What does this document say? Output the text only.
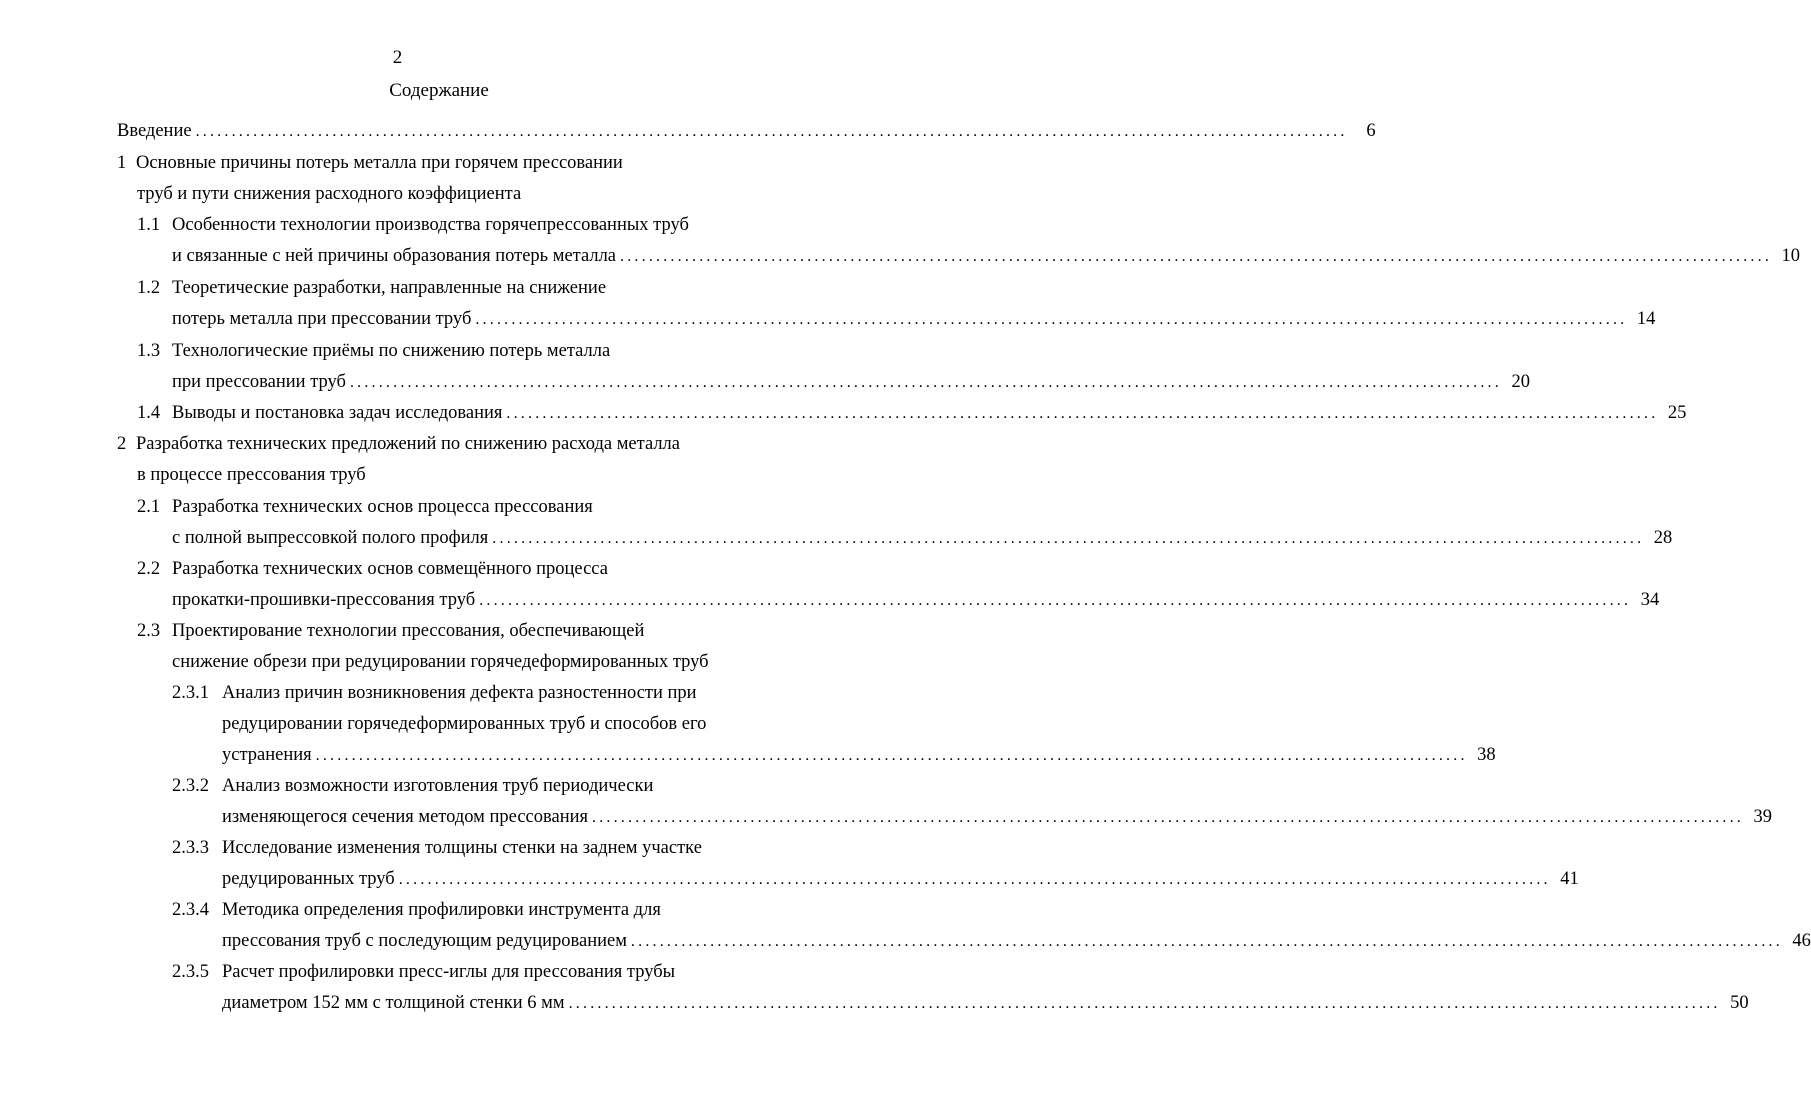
2
Содержание
Введение ................................................................................................................................................................	6
1 Основные причины потерь металла при горячем прессовании
труб и пути снижения расходного коэффициента
1.1 Особенности технологии производства горячепрессованных труб
и связанные с ней причины образования потерь металла ................................................................................................................................................................ 10
1.2 Теоретические разработки, направленные на снижение
потерь металла при прессовании труб ................................................................................................................................................................ 14
1.3 Технологические приёмы по снижению потерь металла
при прессовании труб ................................................................................................................................................................ 20
1.4 Выводы и постановка задач исследования ................................................................................................................................................................ 25
2 Разработка технических предложений по снижению расхода металла
в процессе прессования труб
2.1 Разработка технических основ процесса прессования
с полной выпрессовкой полого профиля ................................................................................................................................................................ 28
2.2 Разработка технических основ совмещённого процесса
прокатки-прошивки-прессования труб ................................................................................................................................................................ 34
2.3 Проектирование технологии прессования, обеспечивающей
снижение обрези при редуцировании горячедеформированных труб
2.3.1 Анализ причин возникновения дефекта разностенности при
редуцировании горячедеформированных труб и способов его
устранения ................................................................................................................................................................ 38
2.3.2 Анализ возможности изготовления труб периодически
изменяющегося сечения методом прессования ................................................................................................................................................................ 39
2.3.3 Исследование изменения толщины стенки на заднем участке
редуцированных труб ................................................................................................................................................................ 41
2.3.4 Методика определения профилировки инструмента для
прессования труб с последующим редуцированием ................................................................................................................................................................ 46
2.3.5 Расчет профилировки пресс-иглы для прессования трубы
диаметром 152 мм с толщиной стенки 6 мм ................................................................................................................................................................ 50
